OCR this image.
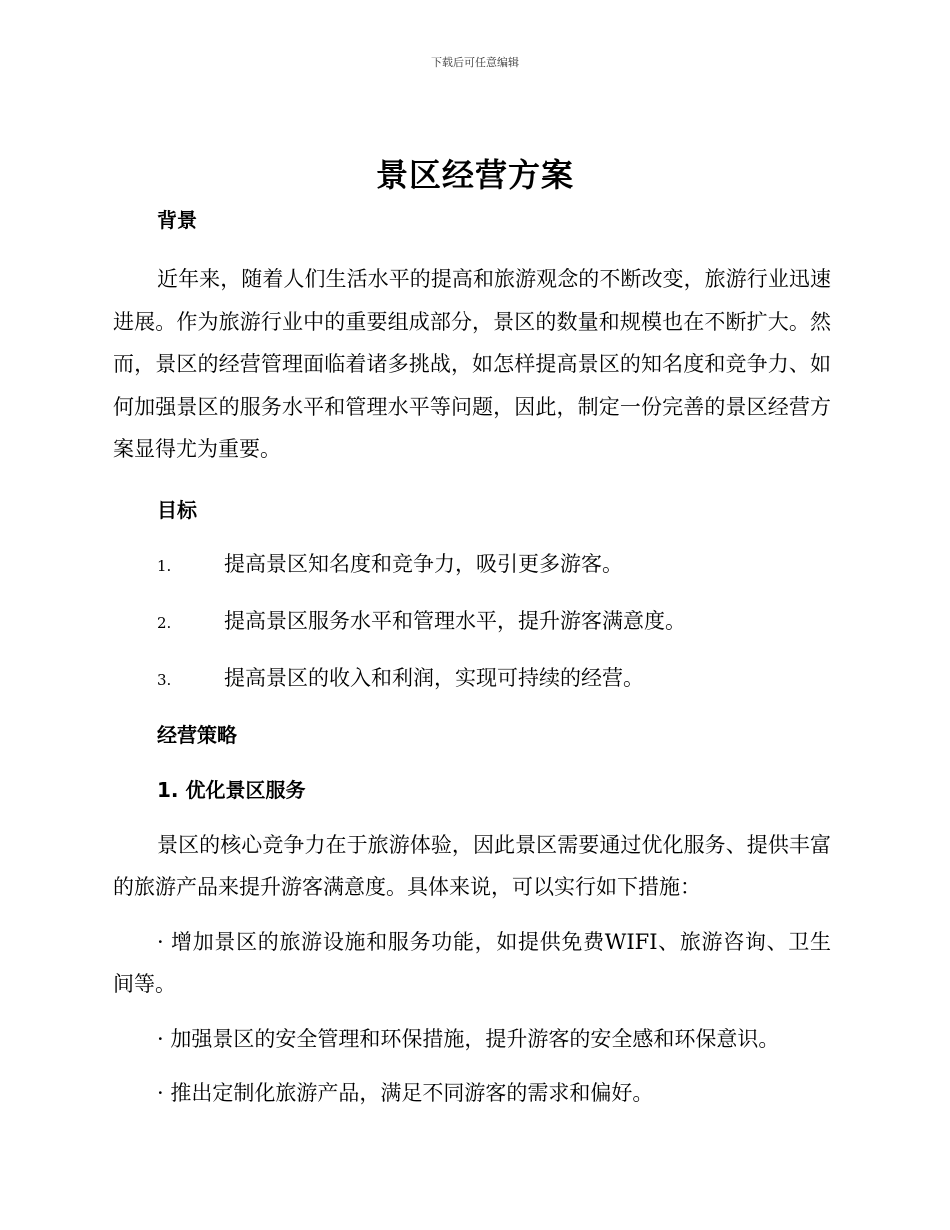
下载后可任意编辑
景区经营方案
背景

近年来，随着人们生活水平的提高和旅游观念的不断改变，旅游行业迅速进展。作为旅游行业中的重要组成部分，景区的数量和规模也在不断扩大。然而，景区的经营管理面临着诸多挑战，如怎样提高景区的知名度和竞争力、如何加强景区的服务水平和管理水平等问题，因此，制定一份完善的景区经营方案显得尤为重要。

目标
1.	提高景区知名度和竞争力，吸引更多游客。
2.	提高景区服务水平和管理水平，提升游客满意度。
3.	提高景区的收入和利润，实现可持续的经营。
经营策略
1. 优化景区服务

景区的核心竞争力在于旅游体验，因此景区需要通过优化服务、提供丰富的旅游产品来提升游客满意度。具体来说，可以实行如下措施：

· 增加景区的旅游设施和服务功能，如提供免费WIFI、旅游咨询、卫生间等。

· 加强景区的安全管理和环保措施，提升游客的安全感和环保意识。

· 推出定制化旅游产品，满足不同游客的需求和偏好。
